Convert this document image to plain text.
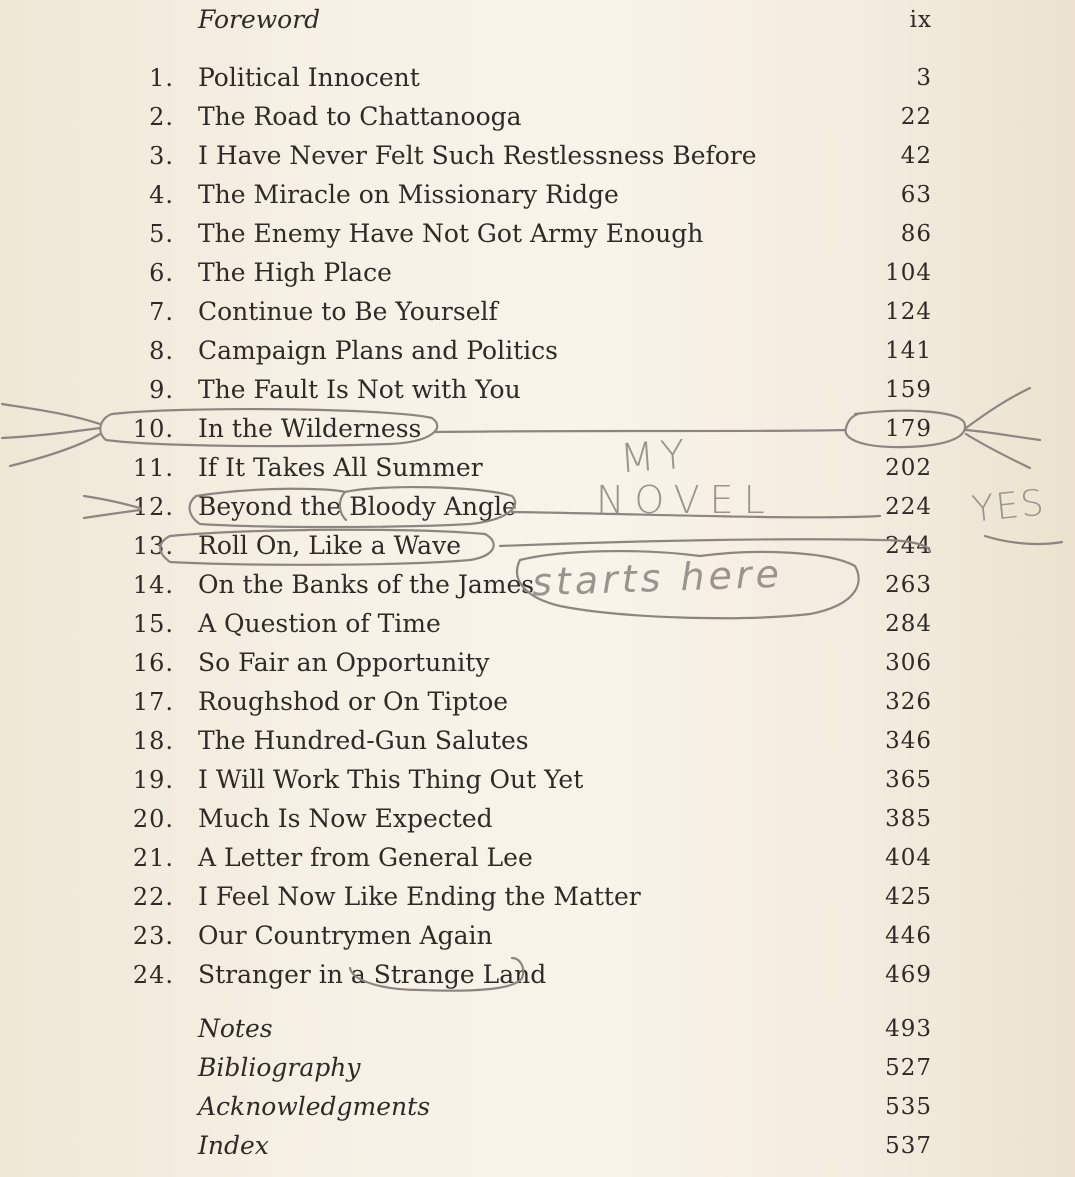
Foreword	ix
1. Political Innocent	3
2. The Road to Chattanooga	22
3. I Have Never Felt Such Restlessness Before	42
4. The Miracle on Missionary Ridge	63
5. The Enemy Have Not Got Army Enough	86
6. The High Place	104
7. Continue to Be Yourself	124
8. Campaign Plans and Politics	141
9. The Fault Is Not with You	159
10. In the Wilderness	179
11. If It Takes All Summer	202
12. Beyond the Bloody Angle	224
13. Roll On, Like a Wave	244
14. On the Banks of the James	263
15. A Question of Time	284
16. So Fair an Opportunity	306
17. Roughshod or On Tiptoe	326
18. The Hundred-Gun Salutes	346
19. I Will Work This Thing Out Yet	365
20. Much Is Now Expected	385
21. A Letter from General Lee	404
22. I Feel Now Like Ending the Matter	425
23. Our Countrymen Again	446
24. Stranger in a Strange Land	469
Notes	493
Bibliography	527
Acknowledgments	535
Index	537
MY
NOVEL
starts here
YES
